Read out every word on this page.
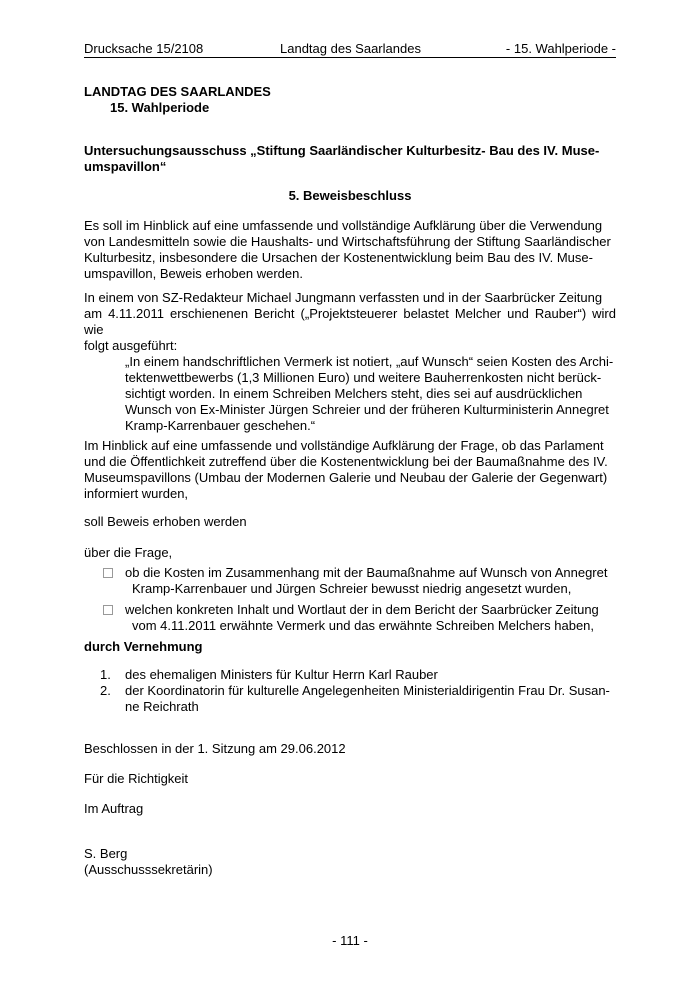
Drucksache 15/2108	Landtag des Saarlandes	- 15. Wahlperiode -
LANDTAG DES SAARLANDES
15. Wahlperiode
Untersuchungsausschuss „Stiftung Saarländischer Kulturbesitz- Bau des IV. Muse-
umspavillon“
5. Beweisbeschluss
Es soll im Hinblick auf eine umfassende und vollständige Aufklärung über die Verwendung
von Landesmitteln sowie die Haushalts- und Wirtschaftsführung der Stiftung Saarländischer
Kulturbesitz, insbesondere die Ursachen der Kostenentwicklung beim Bau des IV. Muse-
umspavillon, Beweis erhoben werden.
In einem von SZ-Redakteur Michael Jungmann verfassten und in der Saarbrücker Zeitung
am 4.11.2011 erschienenen Bericht („Projektsteuerer belastet Melcher und Rauber“) wird wie
folgt ausgeführt:
„In einem handschriftlichen Vermerk ist notiert, „auf Wunsch“ seien Kosten des Archi-
tektenwettbewerbs (1,3 Millionen Euro) und weitere Bauherrenkosten nicht berück-
sichtigt worden. In einem Schreiben Melchers steht, dies sei auf ausdrücklichen
Wunsch von Ex-Minister Jürgen Schreier und der früheren Kulturministerin Annegret
Kramp-Karrenbauer geschehen.“
Im Hinblick auf eine umfassende und vollständige Aufklärung der Frage, ob das Parlament
und die Öffentlichkeit zutreffend über die Kostenentwicklung bei der Baumaßnahme des IV.
Museumspavillons (Umbau der Modernen Galerie und Neubau der Galerie der Gegenwart)
informiert wurden,
soll Beweis erhoben werden
über die Frage,
ob die Kosten im Zusammenhang mit der Baumaßnahme auf Wunsch von Annegret
Kramp-Karrenbauer und Jürgen Schreier bewusst niedrig angesetzt wurden,
welchen konkreten Inhalt und Wortlaut der in dem Bericht der Saarbrücker Zeitung
vom 4.11.2011 erwähnte Vermerk und das erwähnte Schreiben Melchers haben,
durch Vernehmung
1. des ehemaligen Ministers für Kultur Herrn Karl Rauber
2. der Koordinatorin für kulturelle Angelegenheiten Ministerialdirigentin Frau Dr. Susan-
ne Reichrath
Beschlossen in der 1. Sitzung am 29.06.2012
Für die Richtigkeit
Im Auftrag
S. Berg
(Ausschusssekretärin)
- 111 -
